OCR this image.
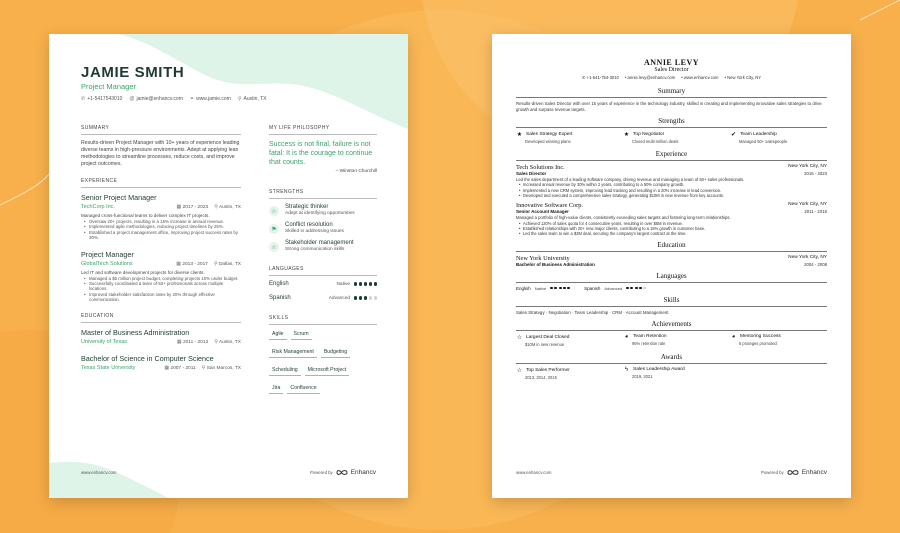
JAMIE SMITH
Project Manager
✆ +1-5417543010 @ jamie@enhancv.com ⚭ www.jamie.com ⚲ Austin, TX
SUMMARY
Results-driven Project Manager with 10+ years of experience leading diverse teams in high-pressure environments. Adept at applying lean methodologies to streamline processes, reduce costs, and improve project outcomes.
EXPERIENCE
Senior Project Manager
TechCorp Inc.	▦ 2017 - 2023 ⚲ Austin, TX
Managed cross-functional teams to deliver complex IT projects.
• Oversaw 20+ projects, resulting in a 15% increase in annual revenue.
• Implemented agile methodologies, reducing project timelines by 25%.
• Established a project management office, improving project success rates by 30%.
Project Manager
GlobalTech Solutions	▦ 2013 - 2017 ⚲ Dallas, TX
Led IT and software development projects for diverse clients.
• Managed a $5 million project budget, completing projects 10% under budget.
• Successfully coordinated a team of 50+ professionals across multiple locations.
• Improved stakeholder satisfaction rates by 20% through effective communication.
EDUCATION
Master of Business Administration
University of Texas	▦ 2011 - 2013 ⚲ Austin, TX
Bachelor of Science in Computer Science
Texas State University	▦ 2007 - 2011 ⚲ San Marcos, TX
MY LIFE PHILOSOPHY
Success is not final, failure is not fatal: It is the courage to continue that counts.
– Winston Churchill
STRENGTHS
☆
Strategic thinker
Adept at identifying opportunities
⚑
Conflict resolution
Skilled in addressing issues
☆
Stakeholder management
Strong communication skills
LANGUAGES
English	Native
Spanish	Advanced
SKILLS
Agile	Scrum
Risk Management	Budgeting
Scheduling	Microsoft Project
Jira	Confluence
www.enhancv.com	Powered by	Enhancv
ANNIE LEVY
Sales Director
✆ +1-541-754-3010 • annie.levy@enhancv.com • www.enhancv.com • New York City, NY
Summary
Results-driven Sales Director with over 15 years of experience in the technology industry, skilled in creating and implementing innovative sales strategies to drive growth and surpass revenue targets.
Strengths
★ Sales Strategy Expert
Developed winning plans
★ Top Negotiator
Closed multi-million deals
✔ Team Leadership
Managed 50+ salespeople
Experience
Tech Solutions Inc.	New York City, NY
Sales Director	2016 - 2023
Led the sales department of a leading software company, driving revenue and managing a team of 50+ sales professionals.
• Increased annual revenue by 30% within 2 years, contributing to a 50% company growth.
• Implemented a new CRM system, improving lead tracking and resulting in a 20% increase in lead conversion.
• Developed and executed a comprehensive sales strategy, generating $10M in new revenue from key accounts.
Innovative Software Corp.	New York City, NY
Senior Account Manager	2011 - 2016
Managed a portfolio of high-value clients, consistently exceeding sales targets and fostering long-term relationships.
• Achieved 120% of sales quota for 4 consecutive years, resulting in over $5M in revenue.
• Established relationships with 20+ new major clients, contributing to a 15% growth in customer base.
• Led the sales team to win a $3M deal, securing the company's largest contract at the time.
Education
New York University	New York City, NY
Bachelor of Business Administration	2004 - 2008
Languages
English Native	Spanish Advanced
Skills
Sales Strategy · Negotiation · Team Leadership · CRM · Account Management
Achievements
☆ Largest Deal Closed
$10M in new revenue
◕ Team Retention
95% retention rate
◕ Mentoring Success
5 proteges promoted
Awards
☆ Top Sales Performer
2013, 2014, 2015
ϟ	Sales Leadership Award
2019, 2021
www.enhancv.com	Powered by	Enhancv
